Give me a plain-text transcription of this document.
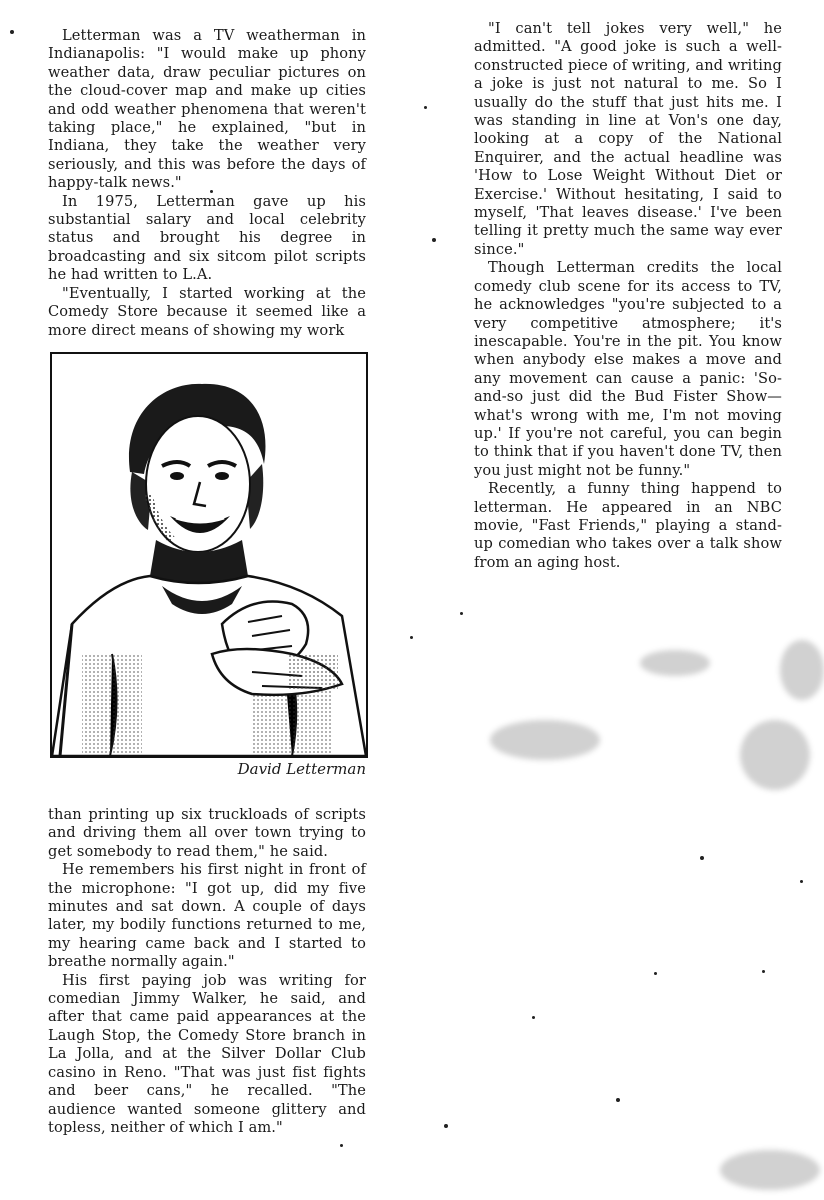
Letterman was a TV weatherman in Indianapolis: "I would make up phony weather data, draw peculiar pictures on the cloud-cover map and make up cities and odd weather phenomena that weren't taking place," he explained, "but in Indiana, they take the weather very seriously, and this was before the days of happy-talk news."

In 1975, Letterman gave up his substantial salary and local celebrity status and brought his degree in broadcasting and six sitcom pilot scripts he had written to L.A.

"Eventually, I started working at the Comedy Store because it seemed like a more direct means of showing my work

David Letterman

than printing up six truckloads of scripts and driving them all over town trying to get somebody to read them," he said.

He remembers his first night in front of the microphone: "I got up, did my five minutes and sat down. A couple of days later, my bodily functions returned to me, my hearing came back and I started to breathe normally again."

His first paying job was writing for comedian Jimmy Walker, he said, and after that came paid appearances at the Laugh Stop, the Comedy Store branch in La Jolla, and at the Silver Dollar Club casino in Reno. "That was just fist fights and beer cans," he recalled. "The audience wanted someone glittery and topless, neither of which I am."

"I can't tell jokes very well," he admitted. "A good joke is such a well-constructed piece of writing, and writing a joke is just not natural to me. So I usually do the stuff that just hits me. I was standing in line at Von's one day, looking at a copy of the National Enquirer, and the actual headline was 'How to Lose Weight Without Diet or Exercise.' Without hesitating, I said to myself, 'That leaves disease.' I've been telling it pretty much the same way ever since."

Though Letterman credits the local comedy club scene for its access to TV, he acknowledges "you're subjected to a very competitive atmosphere; it's inescapable. You're in the pit. You know when anybody else makes a move and any movement can cause a panic: 'So-and-so just did the Bud Fister Show—what's wrong with me, I'm not moving up.' If you're not careful, you can begin to think that if you haven't done TV, then you just might not be funny."

Recently, a funny thing happend to letterman. He appeared in an NBC movie, "Fast Friends," playing a stand-up comedian who takes over a talk show from an aging host.
